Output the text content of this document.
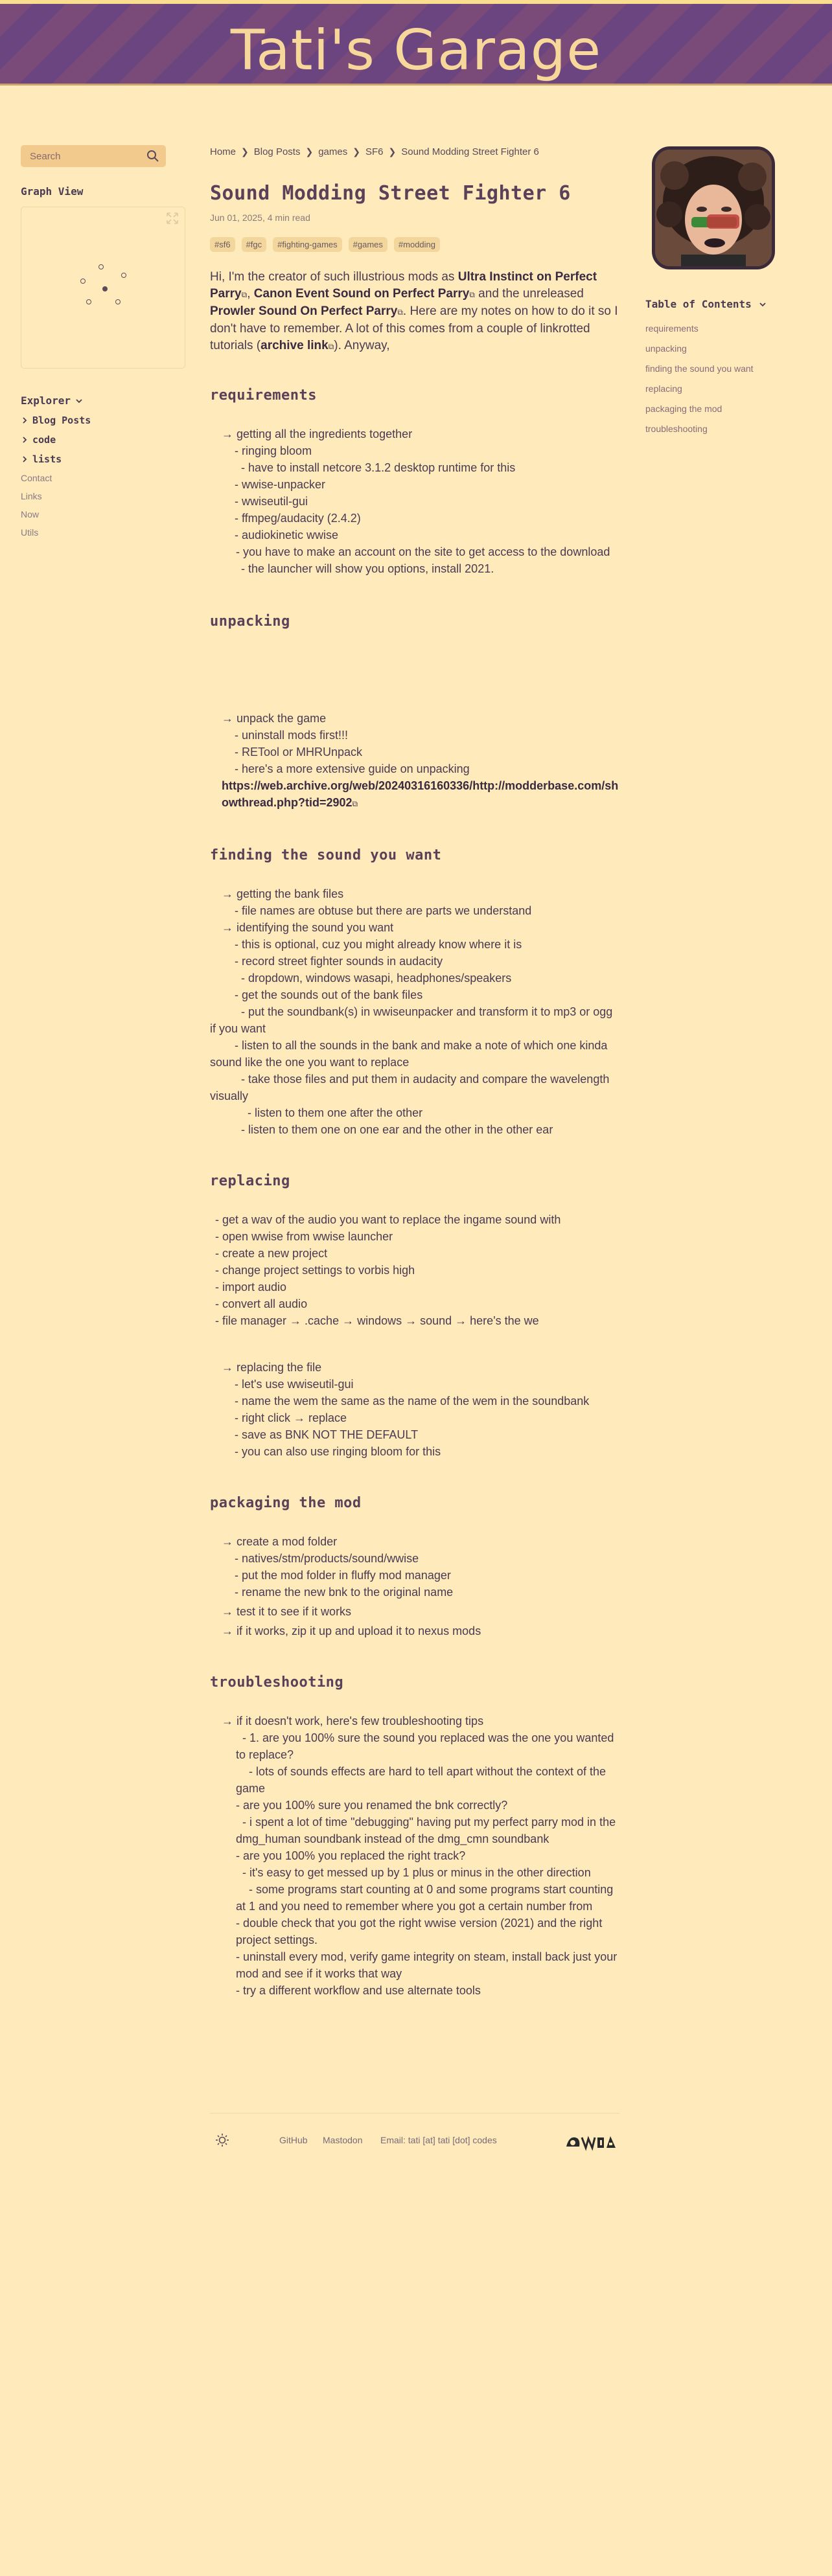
Tati's Garage
Search
Graph View
Explorer
Blog Posts
code
lists
Contact
Links
Now
Utils
Table of Contents
requirements
unpacking
finding the sound you want
replacing
packaging the mod
troubleshooting
Home ❯ Blog Posts ❯ games ❯ SF6 ❯ Sound Modding Street Fighter 6
Sound Modding Street Fighter 6
Jun 01, 2025, 4 min read
#sf6	#fgc	#fighting-games	#games	#modding

Hi, I'm the creator of such illustrious mods as Ultra Instinct on Perfect Parry⧉, Canon Event Sound on Perfect Parry⧉ and the unreleased Prowler Sound On Perfect Parry⧉. Here are my notes on how to do it so I don't have to remember. A lot of this comes from a couple of linkrotted tutorials (archive link⧉). Anyway,

requirements
→ getting all the ingredients together
- ringing bloom
- have to install netcore 3.1.2 desktop runtime for this
- wwise-unpacker
- wwiseutil-gui
- ffmpeg/audacity (2.4.2)
- audiokinetic wwise
- you have to make an account on the site to get access to the download
- the launcher will show you options, install 2021.
unpacking
→ unpack the game
- uninstall mods first!!!
- RETool or MHRUnpack
- here's a more extensive guide on unpacking
https://web.archive.org/web/20240316160336/http://modderbase.com/showthread.php?tid=2902⧉
finding the sound you want
→ getting the bank files
- file names are obtuse but there are parts we understand
→ identifying the sound you want
- this is optional, cuz you might already know where it is
- record street fighter sounds in audacity
- dropdown, windows wasapi, headphones/speakers
- get the sounds out of the bank files
- put the soundbank(s) in wwiseunpacker and transform it to mp3 or ogg if you want
- listen to all the sounds in the bank and make a note of which one kinda sound like the one you want to replace
- take those files and put them in audacity and compare the wavelength visually
- listen to them one after the other
- listen to them one on one ear and the other in the other ear
replacing
- get a wav of the audio you want to replace the ingame sound with
- open wwise from wwise launcher
- create a new project
- change project settings to vorbis high
- import audio
- convert all audio
- file manager → .cache → windows → sound → here's the we
→ replacing the file
- let's use wwiseutil-gui
- name the wem the same as the name of the wem in the soundbank
- right click → replace
- save as BNK NOT THE DEFAULT
- you can also use ringing bloom for this
packaging the mod
→ create a mod folder
- natives/stm/products/sound/wwise
- put the mod folder in fluffy mod manager
- rename the new bnk to the original name
→ test it to see if it works
→ if it works, zip it up and upload it to nexus mods
troubleshooting
→ if it doesn't work, here's few troubleshooting tips
- 1. are you 100% sure the sound you replaced was the one you wanted to replace?
- lots of sounds effects are hard to tell apart without the context of the game
- are you 100% sure you renamed the bnk correctly?
- i spent a lot of time "debugging" having put my perfect parry mod in the dmg_human soundbank instead of the dmg_cmn soundbank
- are you 100% you replaced the right track?
- it's easy to get messed up by 1 plus or minus in the other direction
- some programs start counting at 0 and some programs start counting at 1 and you need to remember where you got a certain number from
- double check that you got the right wwise version (2021) and the right project settings.
- uninstall every mod, verify game integrity on steam, install back just your mod and see if it works that way
- try a different workflow and use alternate tools
GitHub Mastodon Email: tati [at] tati [dot] codes
